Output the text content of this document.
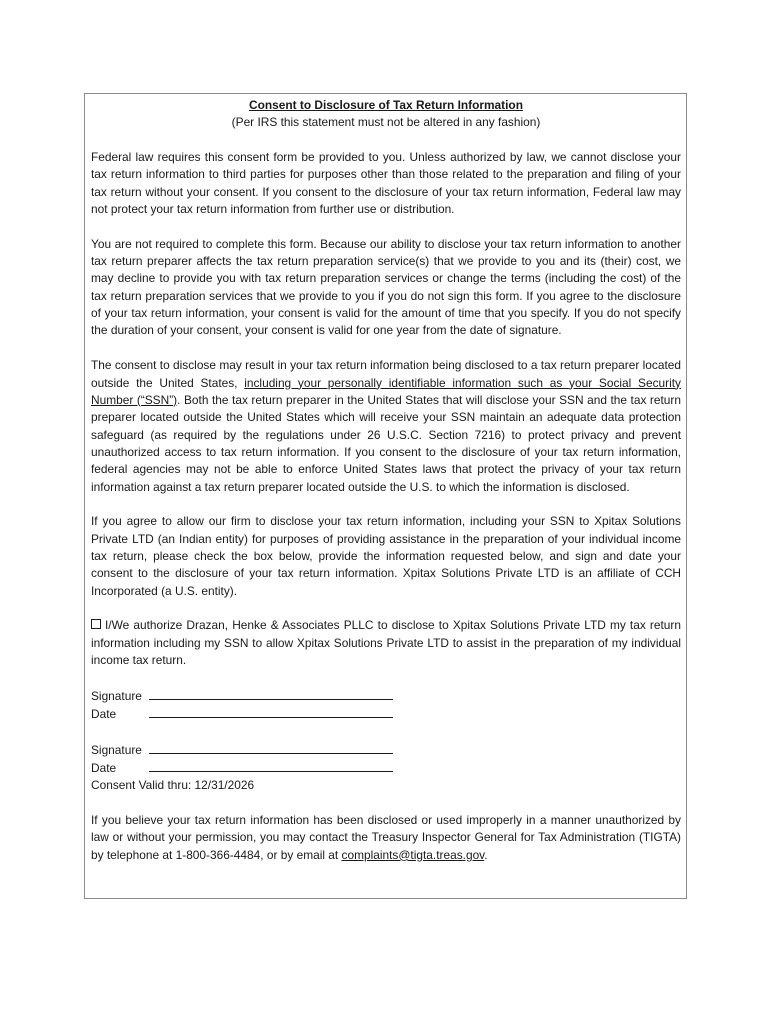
Consent to Disclosure of Tax Return Information
(Per IRS this statement must not be altered in any fashion)

Federal law requires this consent form be provided to you. Unless authorized by law, we cannot disclose your tax return information to third parties for purposes other than those related to the preparation and filing of your tax return without your consent. If you consent to the disclosure of your tax return information, Federal law may not protect your tax return information from further use or distribution.

You are not required to complete this form. Because our ability to disclose your tax return information to another tax return preparer affects the tax return preparation service(s) that we provide to you and its (their) cost, we may decline to provide you with tax return preparation services or change the terms (including the cost) of the tax return preparation services that we provide to you if you do not sign this form. If you agree to the disclosure of your tax return information, your consent is valid for the amount of time that you specify. If you do not specify the duration of your consent, your consent is valid for one year from the date of signature.

The consent to disclose may result in your tax return information being disclosed to a tax return preparer located outside the United States, including your personally identifiable information such as your Social Security Number (“SSN”). Both the tax return preparer in the United States that will disclose your SSN and the tax return preparer located outside the United States which will receive your SSN maintain an adequate data protection safeguard (as required by the regulations under 26 U.S.C. Section 7216) to protect privacy and prevent unauthorized access to tax return information. If you consent to the disclosure of your tax return information, federal agencies may not be able to enforce United States laws that protect the privacy of your tax return information against a tax return preparer located outside the U.S. to which the information is disclosed.

If you agree to allow our firm to disclose your tax return information, including your SSN to Xpitax Solutions Private LTD (an Indian entity) for purposes of providing assistance in the preparation of your individual income tax return, please check the box below, provide the information requested below, and sign and date your consent to the disclosure of your tax return information. Xpitax Solutions Private LTD is an affiliate of CCH Incorporated (a U.S. entity).

I/We authorize Drazan, Henke & Associates PLLC to disclose to Xpitax Solutions Private LTD my tax return information including my SSN to allow Xpitax Solutions Private LTD to assist in the preparation of my individual income tax return.

Signature
Date
Signature
Date
Consent Valid thru: 12/31/2026

If you believe your tax return information has been disclosed or used improperly in a manner unauthorized by law or without your permission, you may contact the Treasury Inspector General for Tax Administration (TIGTA) by telephone at 1-800-366-4484, or by email at complaints@tigta.treas.gov.
